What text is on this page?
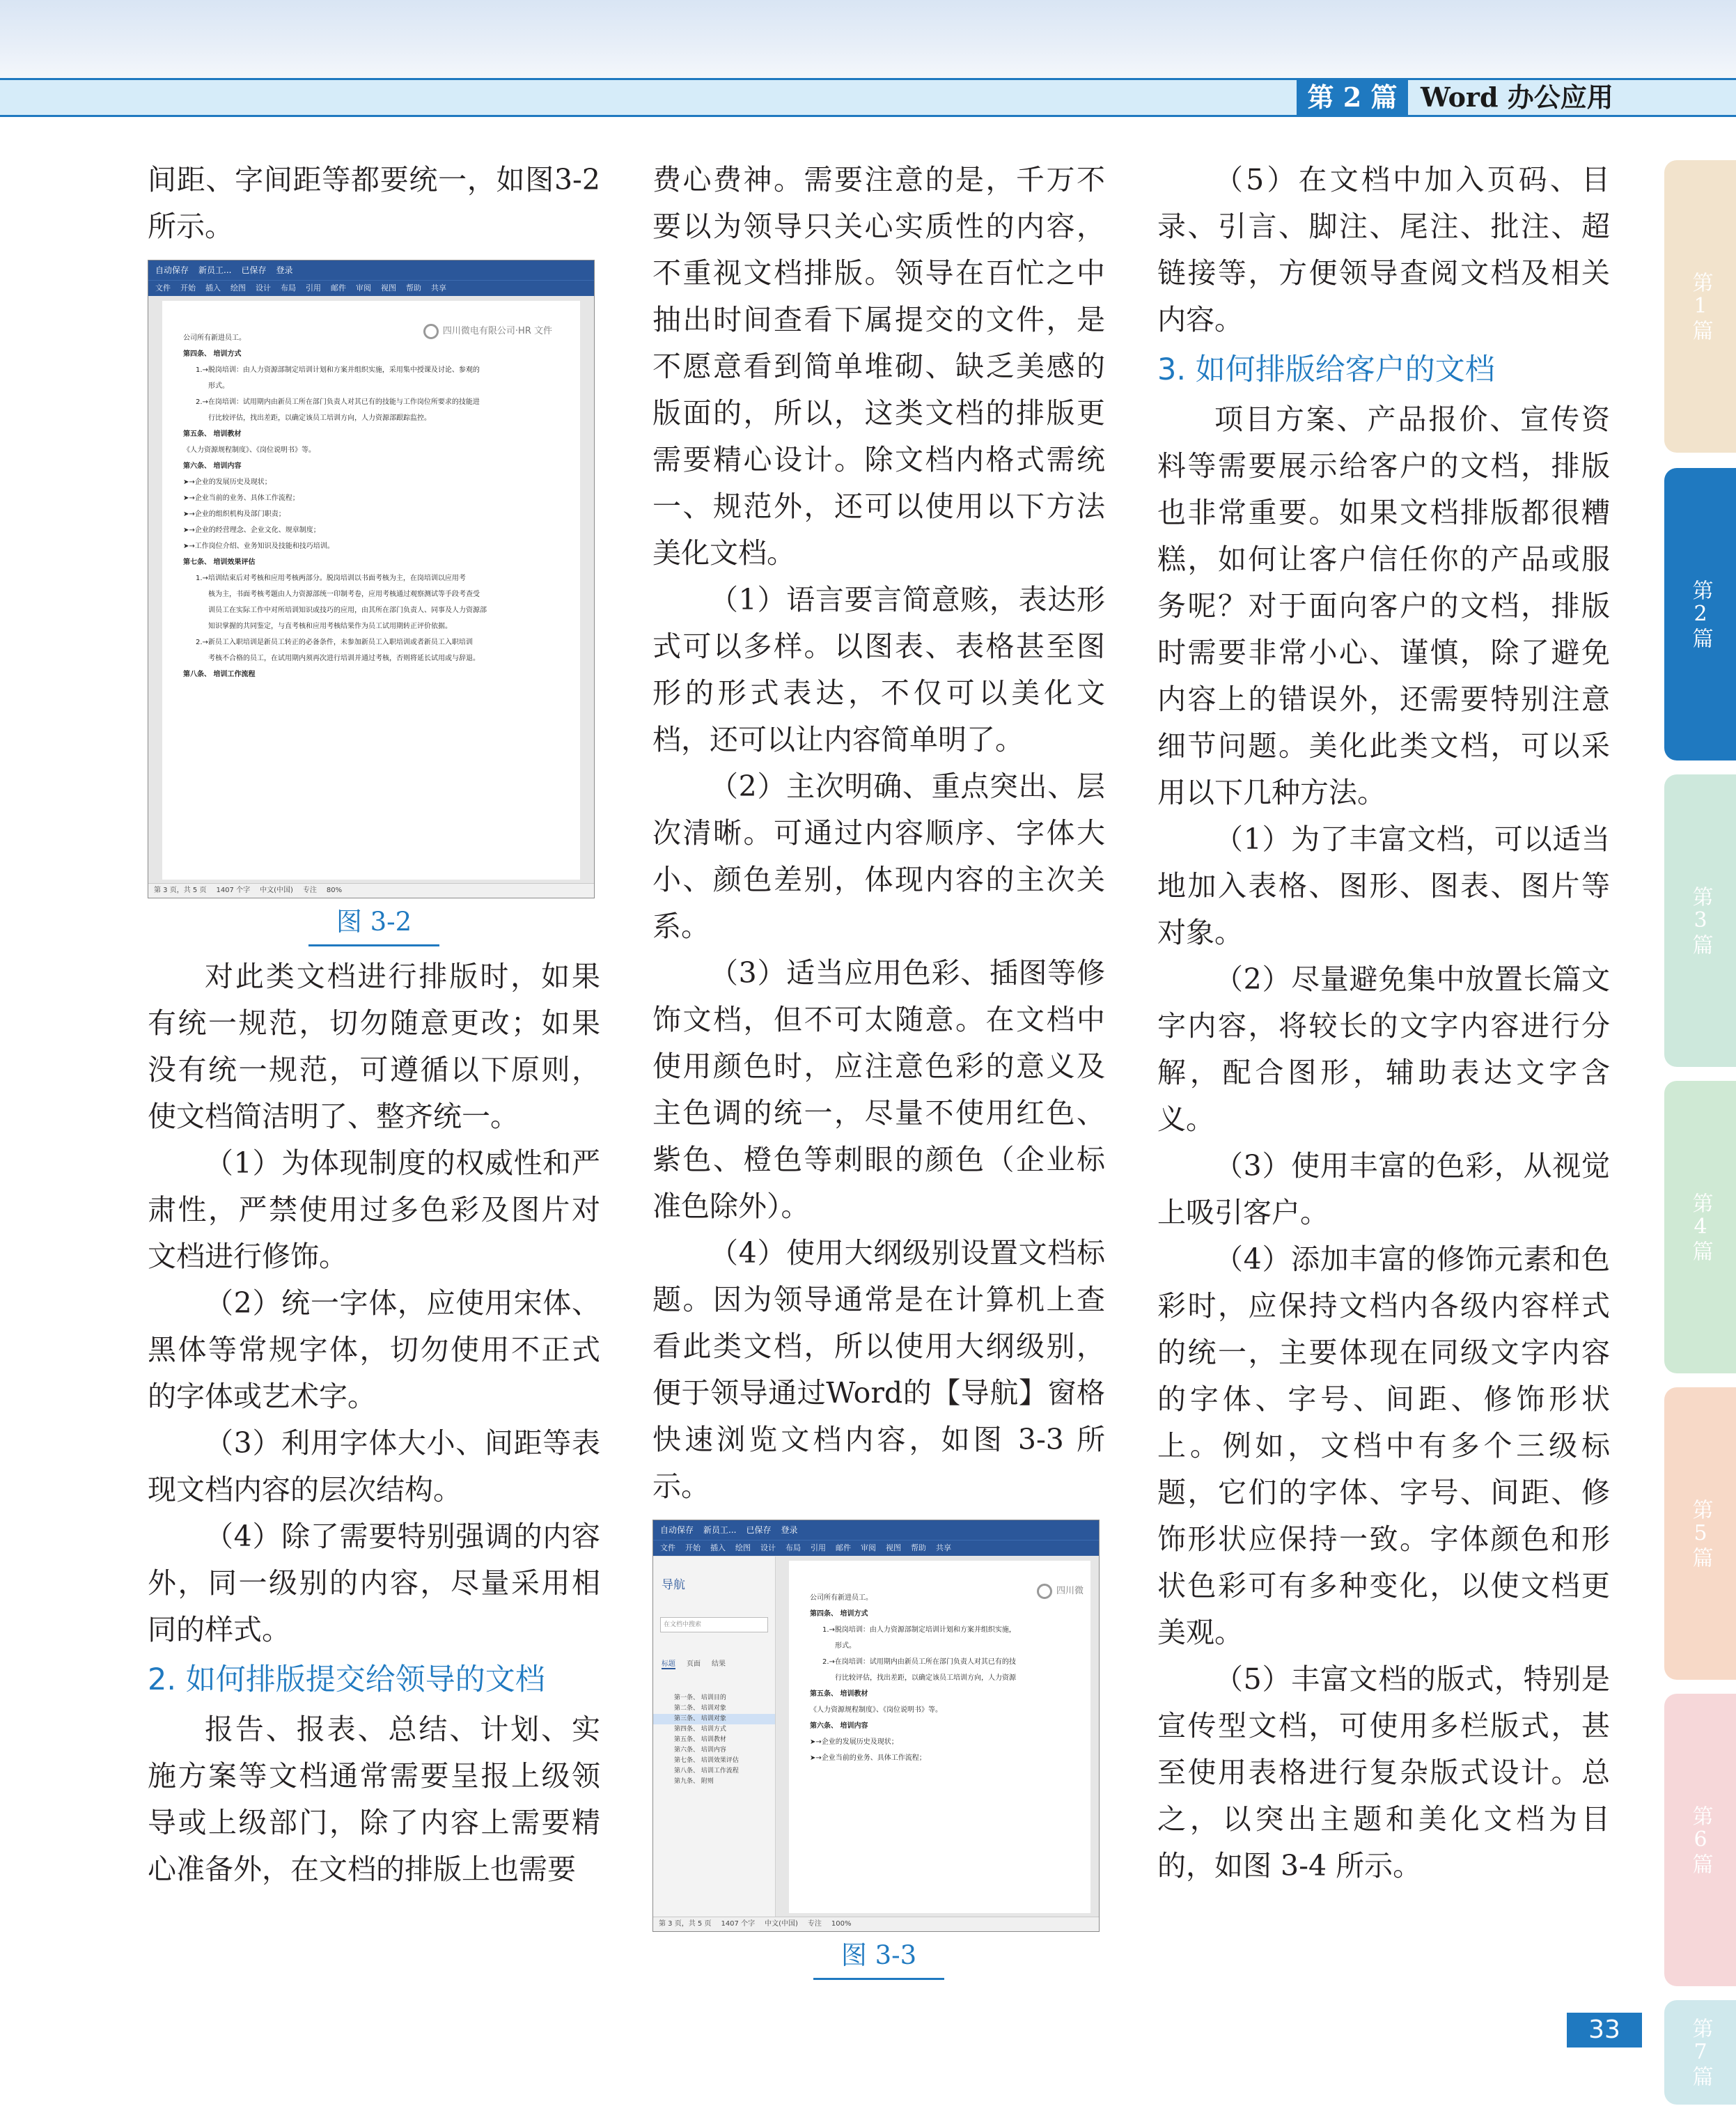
第 2 篇 Word 办公应用

间距、字间距等都要统一，如图3-2所示。

自动保存 新员工... 已保存 登录
文件 开始 插入 绘图 设计 布局 引用 邮件 审阅 视图 帮助 共享
四川微电有限公司·HR 文件
公司所有新进员工。
第四条、 培训方式
1.→脱岗培训：由人力资源部制定培训计划和方案并组织实施，采用集中授课及讨论、参观的
形式。
2.→在岗培训：试用期内由新员工所在部门负责人对其已有的技能与工作岗位所要求的技能进
行比较评估，找出差距，以确定该员工培训方向，人力资源部跟踪监控。
第五条、 培训教材
《人力资源规程制度》、《岗位说明书》等。
第六条、 培训内容
➤→企业的发展历史及现状；
➤→企业当前的业务、具体工作流程；
➤→企业的组织机构及部门职责；
➤→企业的经营理念、企业文化、规章制度；
➤→工作岗位介绍、业务知识及技能和技巧培训。
第七条、 培训效果评估
1.→培训结束后对考核和应用考核两部分。脱岗培训以书面考核为主，在岗培训以应用考
核为主，书面考核考题由人力资源部统一印制考卷，应用考核通过观察测试等手段考查受
训员工在实际工作中对所培训知识或技巧的应用，由其所在部门负责人、同事及人力资源部
知识掌握的共同鉴定，与直考核和应用考核结果作为员工试用期转正评价依据。
2.→新员工入职培训是新员工转正的必备条件，未参加新员工入职培训或者新员工入职培训
考核不合格的员工，在试用期内须再次进行培训并通过考核，否则将延长试用或与辞退。
第八条、 培训工作流程
第 3 页，共 5 页 1407 个字 中文(中国) 专注 80%
图 3-2

对此类文档进行排版时，如果有统一规范，切勿随意更改；如果没有统一规范，可遵循以下原则，使文档简洁明了、整齐统一。

（1）为体现制度的权威性和严肃性，严禁使用过多色彩及图片对文档进行修饰。

（2）统一字体，应使用宋体、黑体等常规字体，切勿使用不正式的字体或艺术字。

（3）利用字体大小、间距等表现文档内容的层次结构。

（4）除了需要特别强调的内容外，同一级别的内容，尽量采用相同的样式。

2. 如何排版提交给领导的文档

报告、报表、总结、计划、实施方案等文档通常需要呈报上级领导或上级部门，除了内容上需要精心准备外，在文档的排版上也需要

费心费神。需要注意的是，千万不要以为领导只关心实质性的内容，不重视文档排版。领导在百忙之中抽出时间查看下属提交的文件，是不愿意看到简单堆砌、缺乏美感的版面的，所以，这类文档的排版更需要精心设计。除文档内格式需统一、规范外，还可以使用以下方法美化文档。

（1）语言要言简意赅，表达形式可以多样。以图表、表格甚至图形的形式表达，不仅可以美化文档，还可以让内容简单明了。

（2）主次明确、重点突出、层次清晰。可通过内容顺序、字体大小、颜色差别，体现内容的主次关系。

（3）适当应用色彩、插图等修饰文档，但不可太随意。在文档中使用颜色时，应注意色彩的意义及主色调的统一，尽量不使用红色、紫色、橙色等刺眼的颜色（企业标准色除外）。

（4）使用大纲级别设置文档标题。因为领导通常是在计算机上查看此类文档，所以使用大纲级别，便于领导通过Word的【导航】窗格快速浏览文档内容，如图 3-3 所示。

自动保存 新员工... 已保存 登录
文件 开始 插入 绘图 设计 布局 引用 邮件 审阅 视图 帮助 共享
导航
在文档中搜索
标题 页面 结果
第一条、 培训目的
第二条、 培训对象
第三条、 培训对象
第四条、 培训方式
第五条、 培训教材
第六条、 培训内容
第七条、 培训效果评估
第八条、 培训工作流程
第九条、 附则
四川微
公司所有新进员工。
第四条、 培训方式
1.→脱岗培训：由人力资源部制定培训计划和方案并组织实施，
形式。
2.→在岗培训：试用期内由新员工所在部门负责人对其已有的技
行比较评估，找出差距，以确定该员工培训方向，人力资源
第五条、 培训教材
《人力资源规程制度》、《岗位说明书》等。
第六条、 培训内容
➤→企业的发展历史及现状；
➤→企业当前的业务、具体工作流程；
第 3 页，共 5 页 1407 个字 中文(中国) 专注 100%
图 3-3

（5）在文档中加入页码、目录、引言、脚注、尾注、批注、超链接等，方便领导查阅文档及相关内容。

3. 如何排版给客户的文档

项目方案、产品报价、宣传资料等需要展示给客户的文档，排版也非常重要。如果文档排版都很糟糕，如何让客户信任你的产品或服务呢？对于面向客户的文档，排版时需要非常小心、谨慎，除了避免内容上的错误外，还需要特别注意细节问题。美化此类文档，可以采用以下几种方法。

（1）为了丰富文档，可以适当地加入表格、图形、图表、图片等对象。

（2）尽量避免集中放置长篇文字内容，将较长的文字内容进行分解，配合图形，辅助表达文字含义。

（3）使用丰富的色彩，从视觉上吸引客户。

（4）添加丰富的修饰元素和色彩时，应保持文档内各级内容样式的统一，主要体现在同级文字内容的字体、字号、间距、修饰形状上。例如，文档中有多个三级标题，它们的字体、字号、间距、修饰形状应保持一致。字体颜色和形状色彩可有多种变化，以使文档更美观。

（5）丰富文档的版式，特别是宣传型文档，可使用多栏版式，甚至使用表格进行复杂版式设计。总之，以突出主题和美化文档为目的，如图 3-4 所示。

第1篇
第2篇
第3篇
第4篇
第5篇
第6篇
第7篇
33
